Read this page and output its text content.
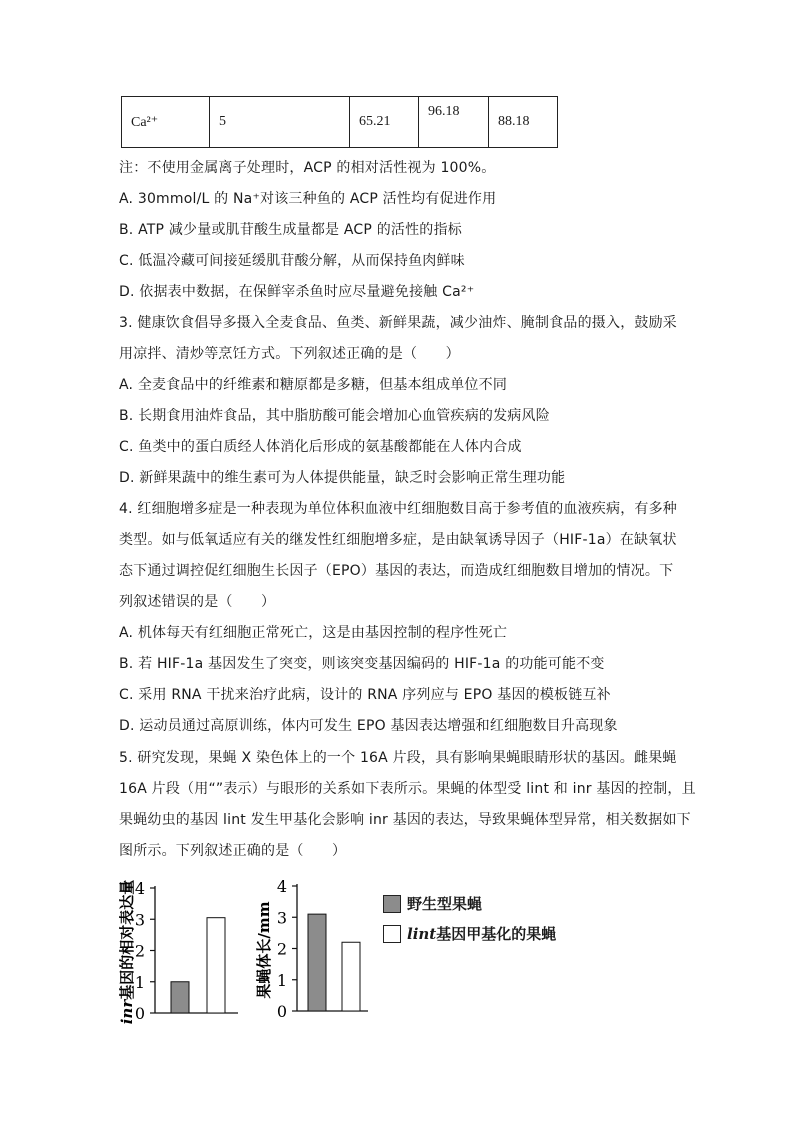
Ca²⁺	5	65.21	96.18	88.18
注：不使用金属离子处理时，ACP 的相对活性视为 100%。
A. 30mmol/L 的 Na⁺对该三种鱼的 ACP 活性均有促进作用
B. ATP 减少量或肌苷酸生成量都是 ACP 的活性的指标
C. 低温冷藏可间接延缓肌苷酸分解，从而保持鱼肉鲜味
D. 依据表中数据，在保鲜宰杀鱼时应尽量避免接触 Ca²⁺
3. 健康饮食倡导多摄入全麦食品、鱼类、新鲜果蔬，减少油炸、腌制食品的摄入，鼓励采
用凉拌、清炒等烹饪方式。下列叙述正确的是（　　）
A. 全麦食品中的纤维素和糖原都是多糖，但基本组成单位不同
B. 长期食用油炸食品，其中脂肪酸可能会增加心血管疾病的发病风险
C. 鱼类中的蛋白质经人体消化后形成的氨基酸都能在人体内合成
D. 新鲜果蔬中的维生素可为人体提供能量，缺乏时会影响正常生理功能
4. 红细胞增多症是一种表现为单位体积血液中红细胞数目高于参考值的血液疾病，有多种
类型。如与低氧适应有关的继发性红细胞增多症，是由缺氧诱导因子（HIF-1a）在缺氧状
态下通过调控促红细胞生长因子（EPO）基因的表达，而造成红细胞数目增加的情况。下
列叙述错误的是（　　）
A. 机体每天有红细胞正常死亡，这是由基因控制的程序性死亡
B. 若 HIF-1a 基因发生了突变，则该突变基因编码的 HIF-1a 的功能可能不变
C. 采用 RNA 干扰来治疗此病，设计的 RNA 序列应与 EPO 基因的模板链互补
D. 运动员通过高原训练，体内可发生 EPO 基因表达增强和红细胞数目升高现象
5. 研究发现，果蝇 X 染色体上的一个 16A 片段，具有影响果蝇眼睛形状的基因。雌果蝇
16A 片段（用“”表示）与眼形的关系如下表所示。果蝇的体型受 lint 和 inr 基因的控制，且
果蝇幼虫的基因 lint 发生甲基化会影响 inr 基因的表达，导致果蝇体型异常，相关数据如下
图所示。下列叙述正确的是（　　）
inr基因的相对表达量
0
1
2
3
4
果蝇体长/mm
0
1
2
3
4
野生型果蝇
lint基因甲基化的果蝇
